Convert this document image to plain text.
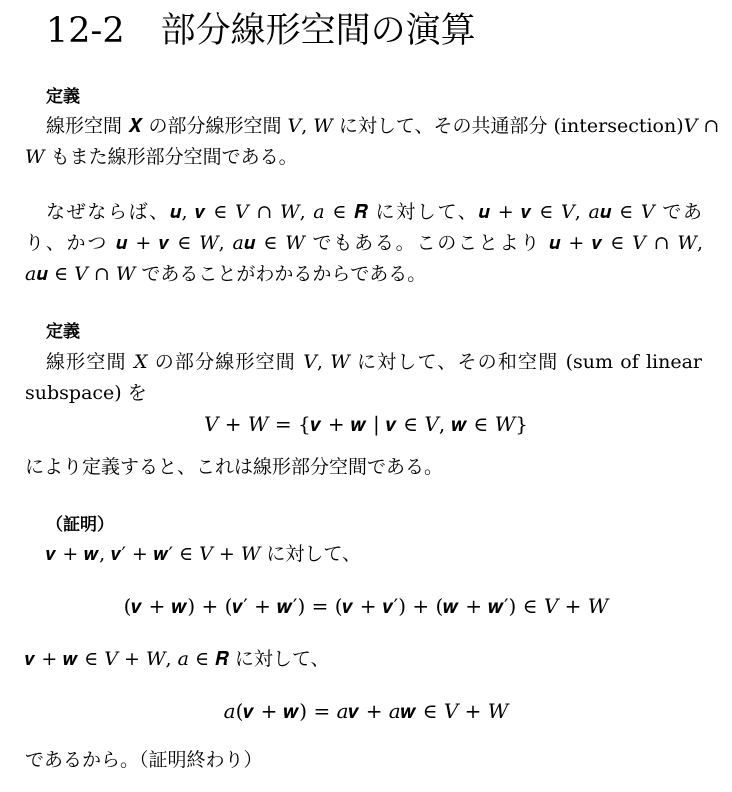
12-2 部分線形空間の演算
定義
線形空間 𝑿 の部分線形空間 𝑉, 𝑊 に対して、その共通部分 (intersection)𝑉 ∩
𝑊 もまた線形部分空間である。
なぜならば、𝒖, 𝒗 ∈ 𝑉 ∩ 𝑊, 𝑎 ∈ 𝑹 に対して、𝒖 + 𝒗 ∈ 𝑉, 𝑎𝒖 ∈ 𝑉 であ
り、かつ 𝒖 + 𝒗 ∈ 𝑊, 𝑎𝒖 ∈ 𝑊 でもある。このことより 𝒖 + 𝒗 ∈ 𝑉 ∩ 𝑊,
𝑎𝒖 ∈ 𝑉 ∩ 𝑊 であることがわかるからである。
定義
線形空間 𝑋 の部分線形空間 𝑉, 𝑊 に対して、その和空間 (sum of linear
subspace) を
𝑉 + 𝑊 = {𝒗 + 𝒘 | 𝒗 ∈ 𝑉, 𝒘 ∈ 𝑊}
により定義すると、これは線形部分空間である。
（証明）
𝒗 + 𝒘, 𝒗′ + 𝒘′ ∈ 𝑉 + 𝑊 に対して、
(𝒗 + 𝒘) + (𝒗′ + 𝒘′) = (𝒗 + 𝒗′) + (𝒘 + 𝒘′) ∈ 𝑉 + 𝑊
𝒗 + 𝒘 ∈ 𝑉 + 𝑊, 𝑎 ∈ 𝑹 に対して、
𝑎(𝒗 + 𝒘) = 𝑎𝒗 + 𝑎𝒘 ∈ 𝑉 + 𝑊
であるから。（証明終わり）
